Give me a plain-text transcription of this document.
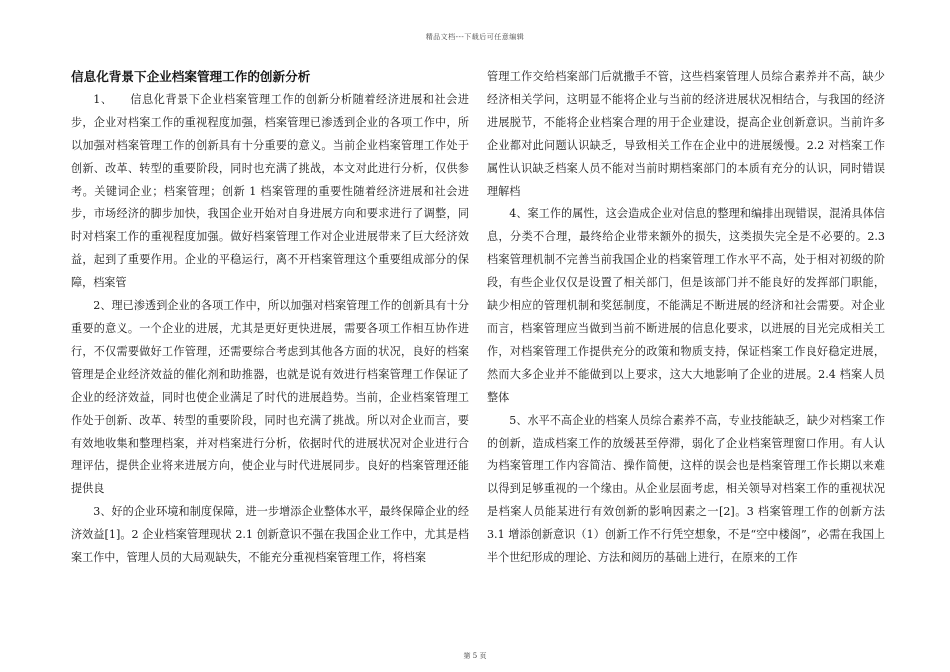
精品文档---下载后可任意编辑
信息化背景下企业档案管理工作的创新分析

1、　　信息化背景下企业档案管理工作的创新分析随着经济进展和社会进步，企业对档案工作的重视程度加强，档案管理已渗透到企业的各项工作中，所以加强对档案管理工作的创新具有十分重要的意义。当前企业档案管理工作处于创新、改革、转型的重要阶段，同时也充满了挑战，本文对此进行分析，仅供参考。关键词企业；档案管理；创新 1 档案管理的重要性随着经济进展和社会进步，市场经济的脚步加快，我国企业开始对自身进展方向和要求进行了调整，同时对档案工作的重视程度加强。做好档案管理工作对企业进展带来了巨大经济效益，起到了重要作用。企业的平稳运行，离不开档案管理这个重要组成部分的保障，档案管

2、理已渗透到企业的各项工作中，所以加强对档案管理工作的创新具有十分重要的意义。一个企业的进展，尤其是更好更快进展，需要各项工作相互协作进行，不仅需要做好工作管理，还需要综合考虑到其他各方面的状况，良好的档案管理是企业经济效益的催化剂和助推器，也就是说有效进行档案管理工作保证了企业的经济效益，同时也使企业满足了时代的进展趋势。当前，企业档案管理工作处于创新、改革、转型的重要阶段，同时也充满了挑战。所以对企业而言，要有效地收集和整理档案，并对档案进行分析，依据时代的进展状况对企业进行合理评估，提供企业将来进展方向，使企业与时代进展同步。良好的档案管理还能提供良

3、好的企业环境和制度保障，进一步增添企业整体水平，最终保障企业的经济效益[1]。2 企业档案管理现状 2.1 创新意识不强在我国企业工作中，尤其是档案工作中，管理人员的大局观缺失，不能充分重视档案管理工作，将档案

管理工作交给档案部门后就撒手不管，这些档案管理人员综合素养并不高，缺少经济相关学问，这明显不能将企业与当前的经济进展状况相结合，与我国的经济进展脱节，不能将企业档案合理的用于企业建设，提高企业创新意识。当前许多企业都对此问题认识缺乏，导致相关工作在企业中的进展缓慢。2.2 对档案工作属性认识缺乏档案人员不能对当前时期档案部门的本质有充分的认识，同时错误理解档

4、案工作的属性，这会造成企业对信息的整理和编排出现错误，混淆具体信息，分类不合理，最终给企业带来额外的损失，这类损失完全是不必要的。2.3 档案管理机制不完善当前我国企业的档案管理工作水平不高，处于相对初级的阶段，有些企业仅仅是设置了相关部门，但是该部门并不能良好的发挥部门职能，缺少相应的管理机制和奖惩制度，不能满足不断进展的经济和社会需要。对企业而言，档案管理应当做到当前不断进展的信息化要求，以进展的目光完成相关工作，对档案管理工作提供充分的政策和物质支持，保证档案工作良好稳定进展，然而大多企业并不能做到以上要求，这大大地影响了企业的进展。2.4 档案人员整体

5、水平不高企业的档案人员综合素养不高，专业技能缺乏，缺少对档案工作的创新，造成档案工作的放缓甚至停滞，弱化了企业档案管理窗口作用。有人认为档案管理工作内容简洁、操作简便，这样的误会也是档案管理工作长期以来难以得到足够重视的一个缘由。从企业层面考虑，相关领导对档案工作的重视状况是档案人员能某进行有效创新的影响因素之一[2]。3 档案管理工作的创新方法 3.1 增添创新意识（1）创新工作不行凭空想象，不是“空中楼阁”，必需在我国上半个世纪形成的理论、方法和阅历的基础上进行，在原来的工作

第 5 页
